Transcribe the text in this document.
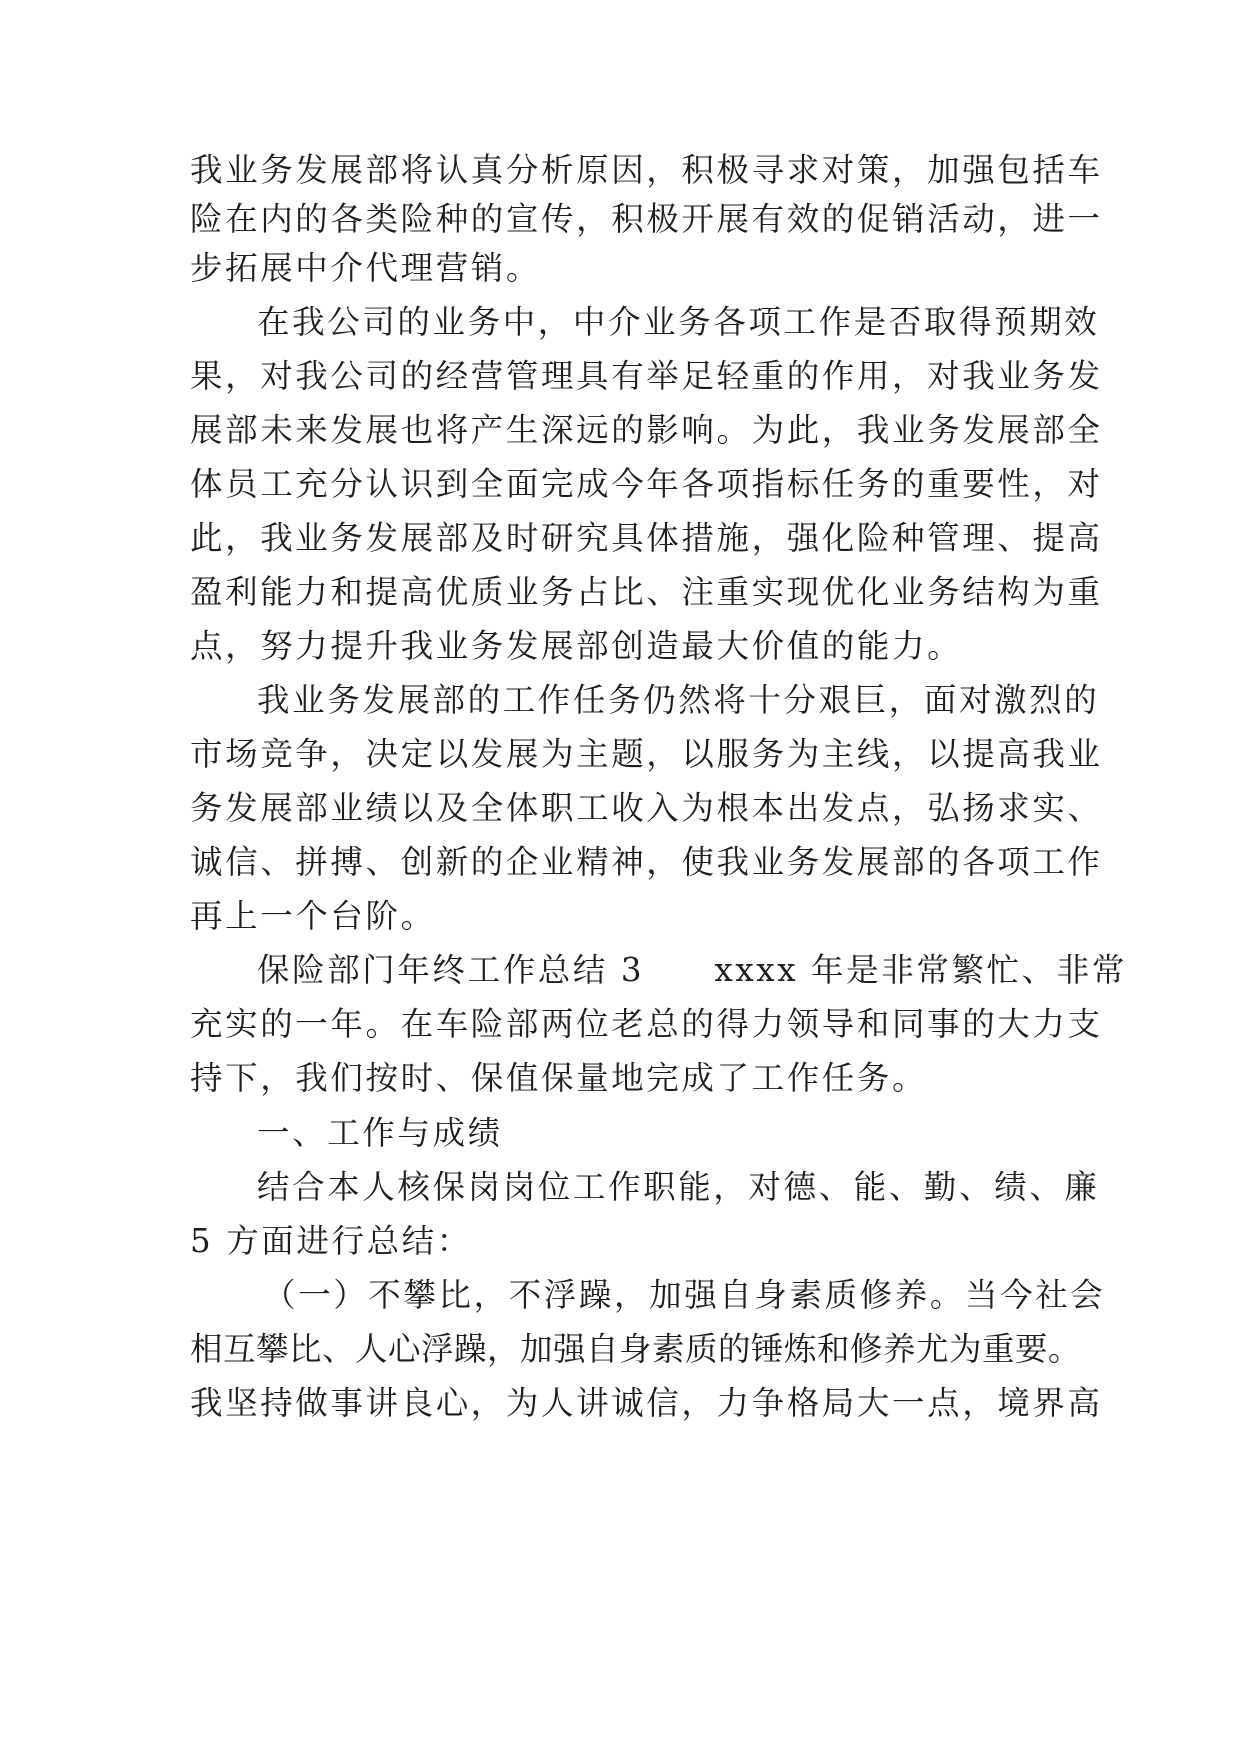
我业务发展部将认真分析原因，积极寻求对策，加强包括车
险在内的各类险种的宣传，积极开展有效的促销活动，进一
步拓展中介代理营销。
在我公司的业务中，中介业务各项工作是否取得预期效
果，对我公司的经营管理具有举足轻重的作用，对我业务发
展部未来发展也将产生深远的影响。为此，我业务发展部全
体员工充分认识到全面完成今年各项指标任务的重要性，对
此，我业务发展部及时研究具体措施，强化险种管理、提高
盈利能力和提高优质业务占比、注重实现优化业务结构为重
点，努力提升我业务发展部创造最大价值的能力。
我业务发展部的工作任务仍然将十分艰巨，面对激烈的
市场竞争，决定以发展为主题，以服务为主线，以提高我业
务发展部业绩以及全体职工收入为根本出发点，弘扬求实、
诚信、拼搏、创新的企业精神，使我业务发展部的各项工作
再上一个台阶。
保险部门年终工作总结 3　　xxxx 年是非常繁忙、非常
充实的一年。在车险部两位老总的得力领导和同事的大力支
持下，我们按时、保值保量地完成了工作任务。
一、工作与成绩
结合本人核保岗岗位工作职能，对德、能、勤、绩、廉
5 方面进行总结：
（一）不攀比，不浮躁，加强自身素质修养。当今社会
相互攀比、人心浮躁，加强自身素质的锤炼和修养尤为重要。
我坚持做事讲良心，为人讲诚信，力争格局大一点，境界高
